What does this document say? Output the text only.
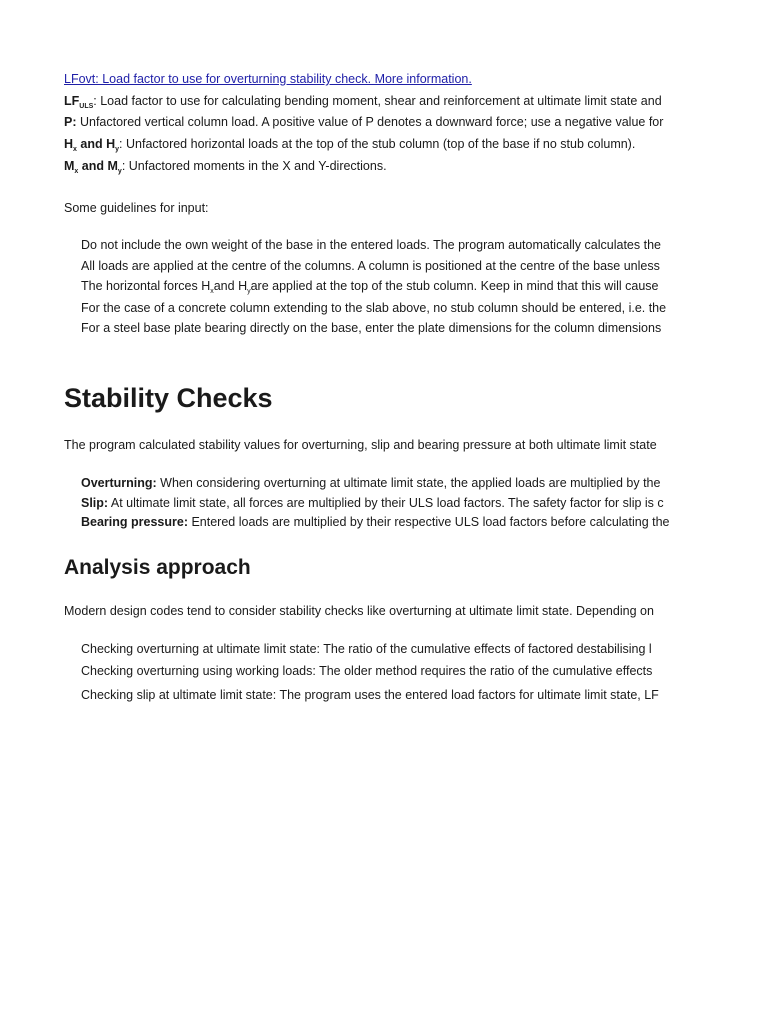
LFovt: Load factor to use for overturning stability check. More information.
$LF_{ULS}$: Load factor to use for calculating bending moment, shear and reinforcement at ultimate limit state and
P: Unfactored vertical column load. A positive value of P denotes a downward force; use a negative value for
$H_x$ and $H_y$: Unfactored horizontal loads at the top of the stub column (top of the base if no stub column).
$M_x$ and $M_y$: Unfactored moments in the X and Y-directions.
Some guidelines for input:
Do not include the own weight of the base in the entered loads. The program automatically calculates the
All loads are applied at the centre of the columns. A column is positioned at the centre of the base unless
The horizontal forces $H_xand$ $H_yare$ applied at the top of the stub column. Keep in mind that this will cause
For the case of a concrete column extending to the slab above, no stub column should be entered, i.e. the
For a steel base plate bearing directly on the base, enter the plate dimensions for the column dimensions
Stability Checks
The program calculated stability values for overturning, slip and bearing pressure at both ultimate limit state
Overturning: When considering overturning at ultimate limit state, the applied loads are multiplied by the
Slip: At ultimate limit state, all forces are multiplied by their ULS load factors. The safety factor for slip is c
Bearing pressure: Entered loads are multiplied by their respective ULS load factors before calculating the
Analysis approach
Modern design codes tend to consider stability checks like overturning at ultimate limit state. Depending on
Checking overturning at ultimate limit state: The ratio of the cumulative effects of factored destabilising l
Checking overturning using working loads: The older method requires the ratio of the cumulative effects
Checking slip at ultimate limit state: The program uses the entered load factors for ultimate limit state, LF
